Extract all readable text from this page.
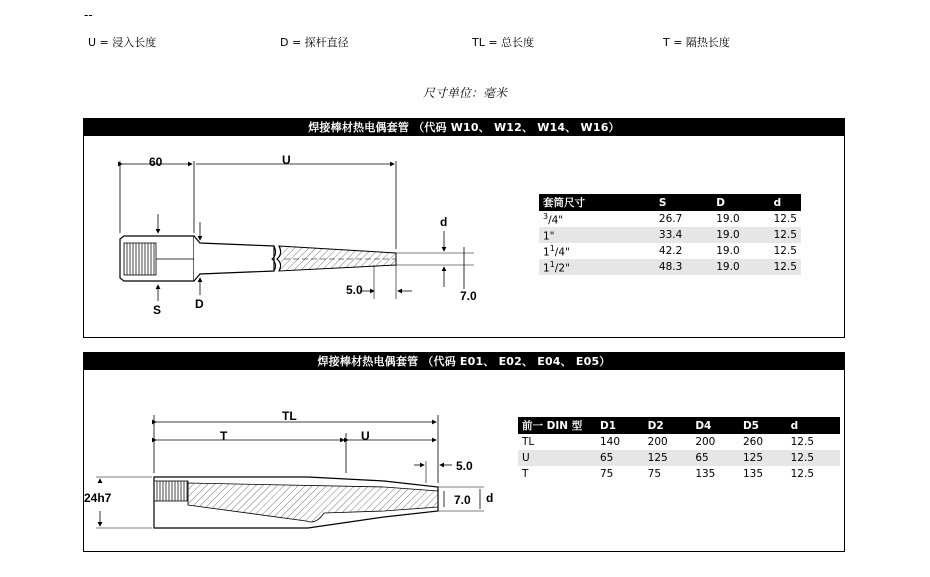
--
U = 浸入长度	D = 探杆直径	TL = 总长度	T = 隔热长度
尺寸单位：毫米
焊接棒材热电偶套管 （代码 W10、 W12、 W14、 W16）
60	U
d
S	D
5.0	7.0
套筒尺寸	S	D	d
$^3$/4"	26.7	19.0	12.5
1"	33.4	19.0	12.5
$1^1/4$"	42.2	19.0	12.5
$1^1/2$"	48.3	19.0	12.5
焊接棒材热电偶套管 （代码 E01、 E02、 E04、 E05）
TL
T	U
5.0
7.0 d
24h7
前一 DIN 型	D1	D2	D4	D5	d
TL	140	200	200	260	12.5
U	65	125	65	125	12.5
T	75	75	135	135	12.5
